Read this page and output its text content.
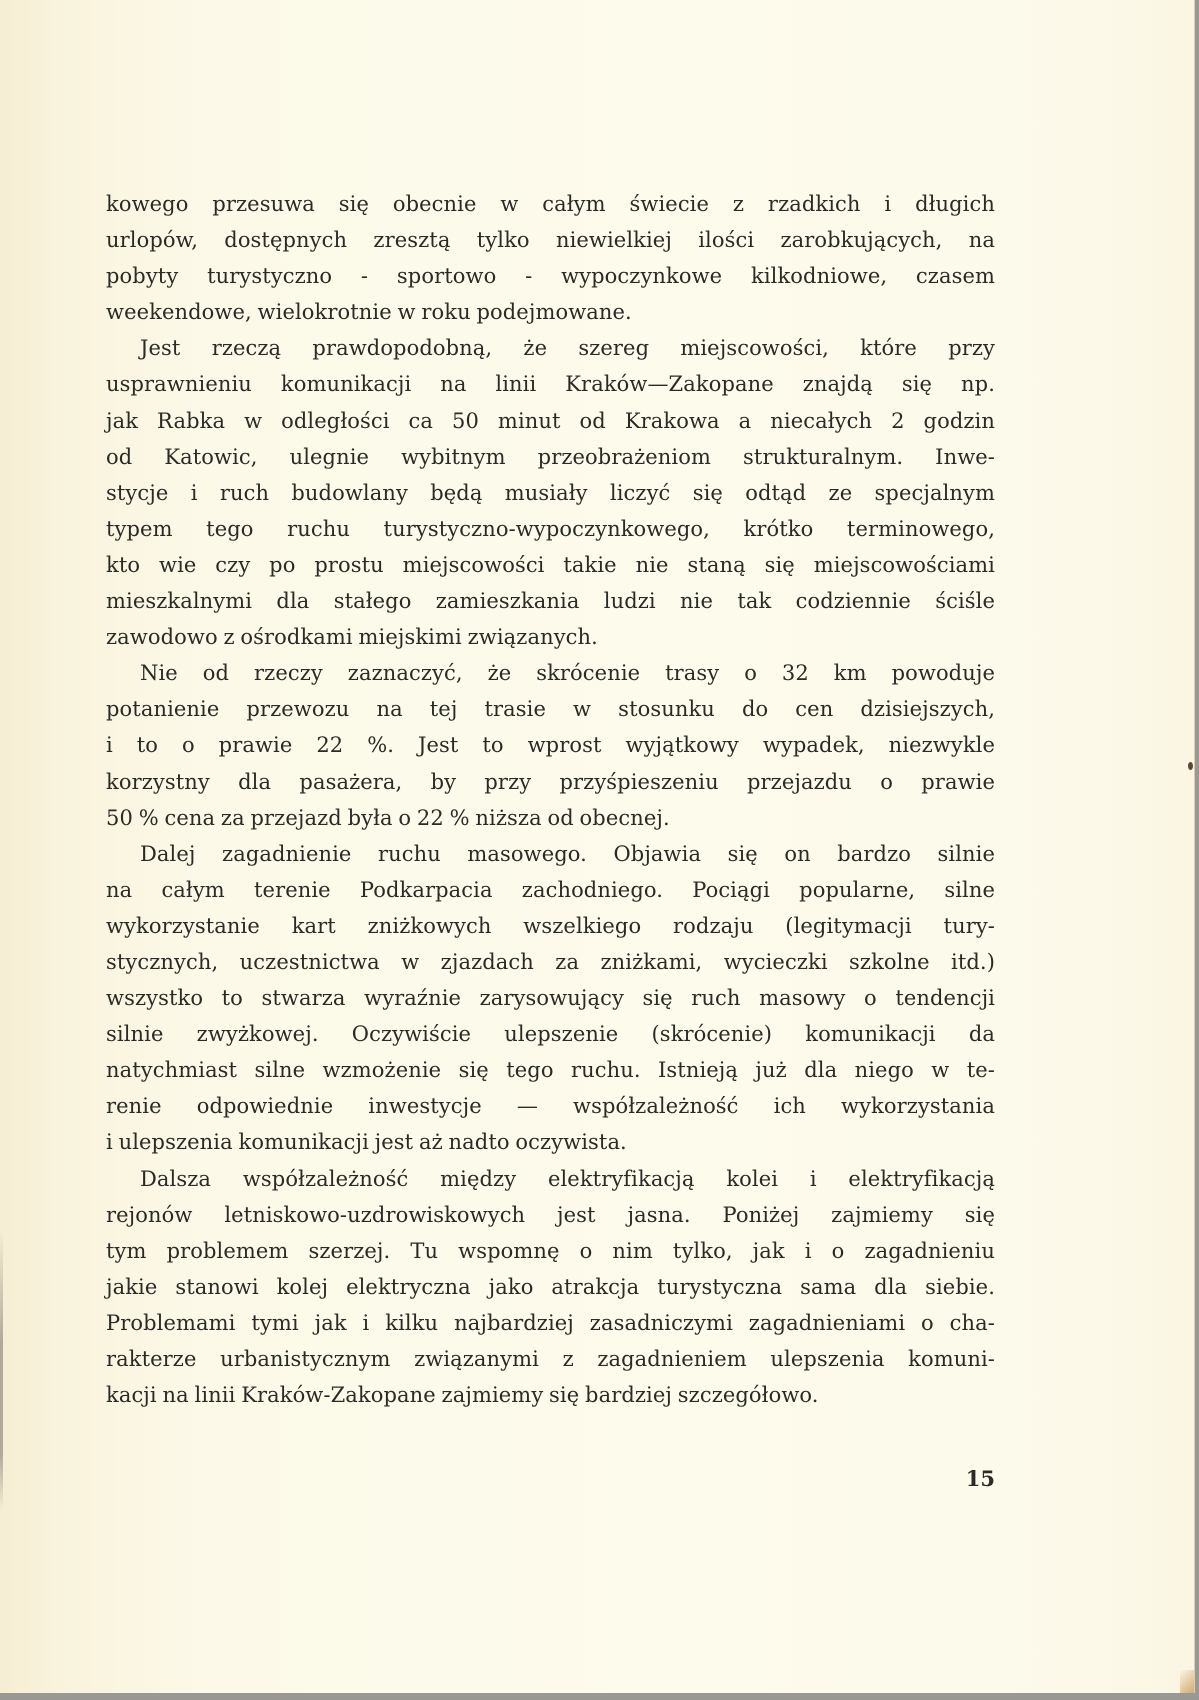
kowego przesuwa się obecnie w całym świecie z rzadkich i długich
urlopów, dostępnych zresztą tylko niewielkiej ilości zarobkujących, na
pobyty turystyczno - sportowo - wypoczynkowe kilkodniowe, czasem
weekendowe, wielokrotnie w roku podejmowane.
Jest rzeczą prawdopodobną, że szereg miejscowości, które przy
usprawnieniu komunikacji na linii Kraków—Zakopane znajdą się np.
jak Rabka w odległości ca 50 minut od Krakowa a niecałych 2 godzin
od Katowic, ulegnie wybitnym przeobrażeniom strukturalnym. Inwe-
stycje i ruch budowlany będą musiały liczyć się odtąd ze specjalnym
typem tego ruchu turystyczno-wypoczynkowego, krótko terminowego,
kto wie czy po prostu miejscowości takie nie staną się miejscowościami
mieszkalnymi dla stałego zamieszkania ludzi nie tak codziennie ściśle
zawodowo z ośrodkami miejskimi związanych.
Nie od rzeczy zaznaczyć, że skrócenie trasy o 32 km powoduje
potanienie przewozu na tej trasie w stosunku do cen dzisiejszych,
i to o prawie 22 %. Jest to wprost wyjątkowy wypadek, niezwykle
korzystny dla pasażera, by przy przyśpieszeniu przejazdu o prawie
50 % cena za przejazd była o 22 % niższa od obecnej.
Dalej zagadnienie ruchu masowego. Objawia się on bardzo silnie
na całym terenie Podkarpacia zachodniego. Pociągi popularne, silne
wykorzystanie kart zniżkowych wszelkiego rodzaju (legitymacji tury-
stycznych, uczestnictwa w zjazdach za zniżkami, wycieczki szkolne itd.)
wszystko to stwarza wyraźnie zarysowujący się ruch masowy o tendencji
silnie zwyżkowej. Oczywiście ulepszenie (skrócenie) komunikacji da
natychmiast silne wzmożenie się tego ruchu. Istnieją już dla niego w te-
renie odpowiednie inwestycje — współzależność ich wykorzystania
i ulepszenia komunikacji jest aż nadto oczywista.
Dalsza współzależność między elektryfikacją kolei i elektryfikacją
rejonów letniskowo-uzdrowiskowych jest jasna. Poniżej zajmiemy się
tym problemem szerzej. Tu wspomnę o nim tylko, jak i o zagadnieniu
jakie stanowi kolej elektryczna jako atrakcja turystyczna sama dla siebie.
Problemami tymi jak i kilku najbardziej zasadniczymi zagadnieniami o cha-
rakterze urbanistycznym związanymi z zagadnieniem ulepszenia komuni-
kacji na linii Kraków-Zakopane zajmiemy się bardziej szczegółowo.
15
